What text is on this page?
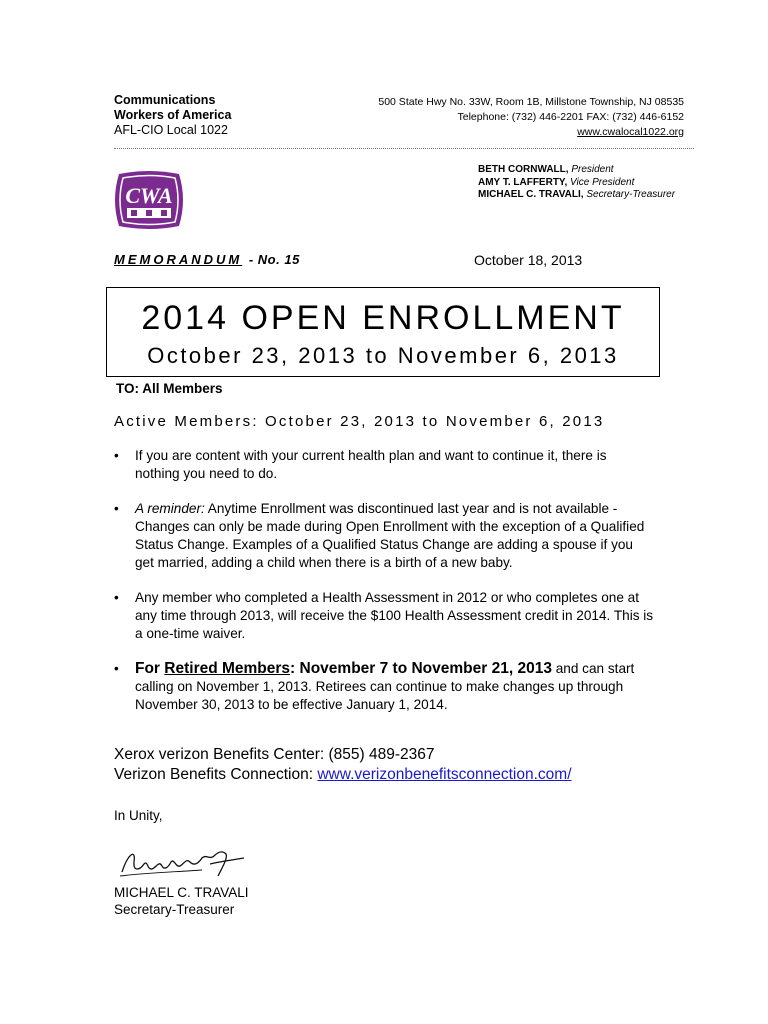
Communications
Workers of America
AFL-CIO Local 1022
500 State Hwy No. 33W, Room 1B, Millstone Township, NJ 08535
Telephone: (732) 446-2201 FAX: (732) 446-6152
www.cwalocal1022.org
CWA
BETH CORNWALL, President
AMY T. LAFFERTY, Vice President
MICHAEL C. TRAVALI, Secretary-Treasurer
MEMORANDUM - No. 15	October 18, 2013
2014 OPEN ENROLLMENT
October 23, 2013 to November 6, 2013
TO: All Members
Active Members: October 23, 2013 to November 6, 2013
• If you are content with your current health plan and want to continue it, there is nothing you need to do.
• A reminder: Anytime Enrollment was discontinued last year and is not available - Changes can only be made during Open Enrollment with the exception of a Qualified Status Change. Examples of a Qualified Status Change are adding a spouse if you get married, adding a child when there is a birth of a new baby.
• Any member who completed a Health Assessment in 2012 or who completes one at any time through 2013, will receive the $100 Health Assessment credit in 2014. This is a one-time waiver.
• For Retired Members: November 7 to November 21, 2013 and can start calling on November 1, 2013. Retirees can continue to make changes up through November 30, 2013 to be effective January 1, 2014.
Xerox verizon Benefits Center: (855) 489-2367
Verizon Benefits Connection: www.verizonbenefitsconnection.com/
In Unity,
MICHAEL C. TRAVALI
Secretary-Treasurer
